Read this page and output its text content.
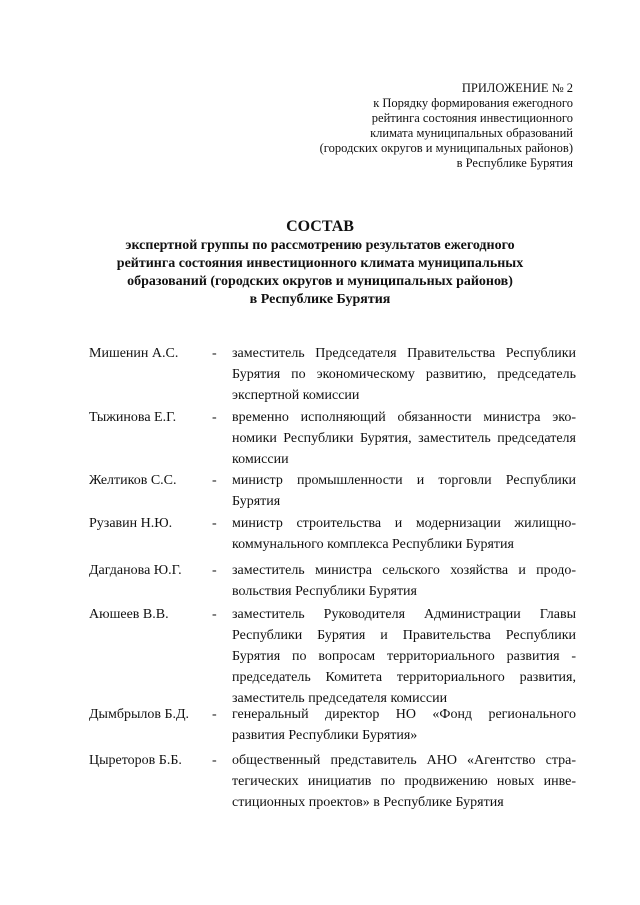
ПРИЛОЖЕНИЕ № 2
к Порядку формирования ежегодного
рейтинга состояния инвестиционного
климата муниципальных образований
(городских округов и муниципальных районов)
в Республике Бурятия
СОСТАВ
экспертной группы по рассмотрению результатов ежегодного
рейтинга состояния инвестиционного климата муниципальных
образований (городских округов и муниципальных районов)
в Республике Бурятия
Мишенин А.С. - заместитель Председателя Правительства Республики Бурятия по экономическому развитию, председатель экспертной комиссии
Тыжинова Е.Г.	- временно исполняющий обязанности министра экономики Республики Бурятия, заместитель председателя комиссии
Желтиков С.С.	- министр промышленности и торговли Республики Бурятия
Рузавин Н.Ю.	- министр строительства и модернизации жилищно-коммунального комплекса Республики Бурятия
Дагданова Ю.Г. - заместитель министра сельского хозяйства и продовольствия Республики Бурятия
Аюшеев В.В.	- заместитель Руководителя Администрации Главы Республики Бурятия и Правительства Республики Бурятия по вопросам территориального развития - председатель Комитета территориального развития, заместитель председателя комиссии
Дымбрылов Б.Д. - генеральный директор НО «Фонд регионального развития Республики Бурятия»
Цыреторов Б.Б. - общественный представитель АНО «Агентство стратегических инициатив по продвижению новых инвестиционных проектов» в Республике Бурятия
